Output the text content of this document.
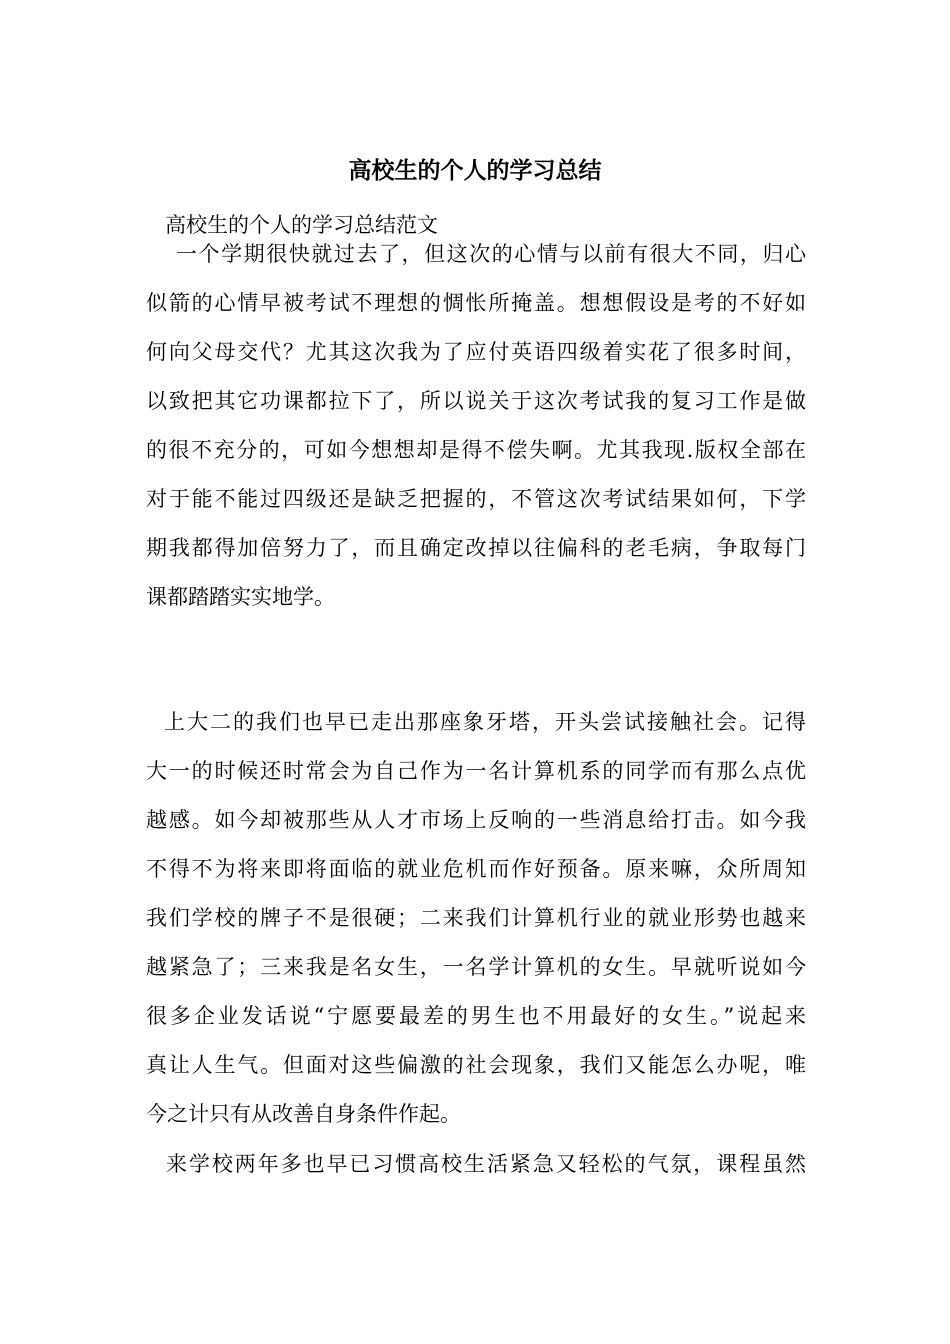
高校生的个人的学习总结

高校生的个人的学习总结范文

一个学期很快就过去了，但这次的心情与以前有很大不同，归心
似箭的心情早被考试不理想的惆怅所掩盖。想想假设是考的不好如
何向父母交代？尤其这次我为了应付英语四级着实花了很多时间，
以致把其它功课都拉下了，所以说关于这次考试我的复习工作是做
的很不充分的，可如今想想却是得不偿失啊。尤其我现.版权全部在
对于能不能过四级还是缺乏把握的，不管这次考试结果如何，下学
期我都得加倍努力了，而且确定改掉以往偏科的老毛病，争取每门
课都踏踏实实地学。
上大二的我们也早已走出那座象牙塔，开头尝试接触社会。记得
大一的时候还时常会为自己作为一名计算机系的同学而有那么点优
越感。如今却被那些从人才市场上反响的一些消息给打击。如今我
不得不为将来即将面临的就业危机而作好预备。原来嘛，众所周知
我们学校的牌子不是很硬；二来我们计算机行业的就业形势也越来
越紧急了；三来我是名女生，一名学计算机的女生。早就听说如今
很多企业发话说“宁愿要最差的男生也不用最好的女生。”说起来
真让人生气。但面对这些偏激的社会现象，我们又能怎么办呢，唯
今之计只有从改善自身条件作起。
来学校两年多也早已习惯高校生活紧急又轻松的气氛，课程虽然
